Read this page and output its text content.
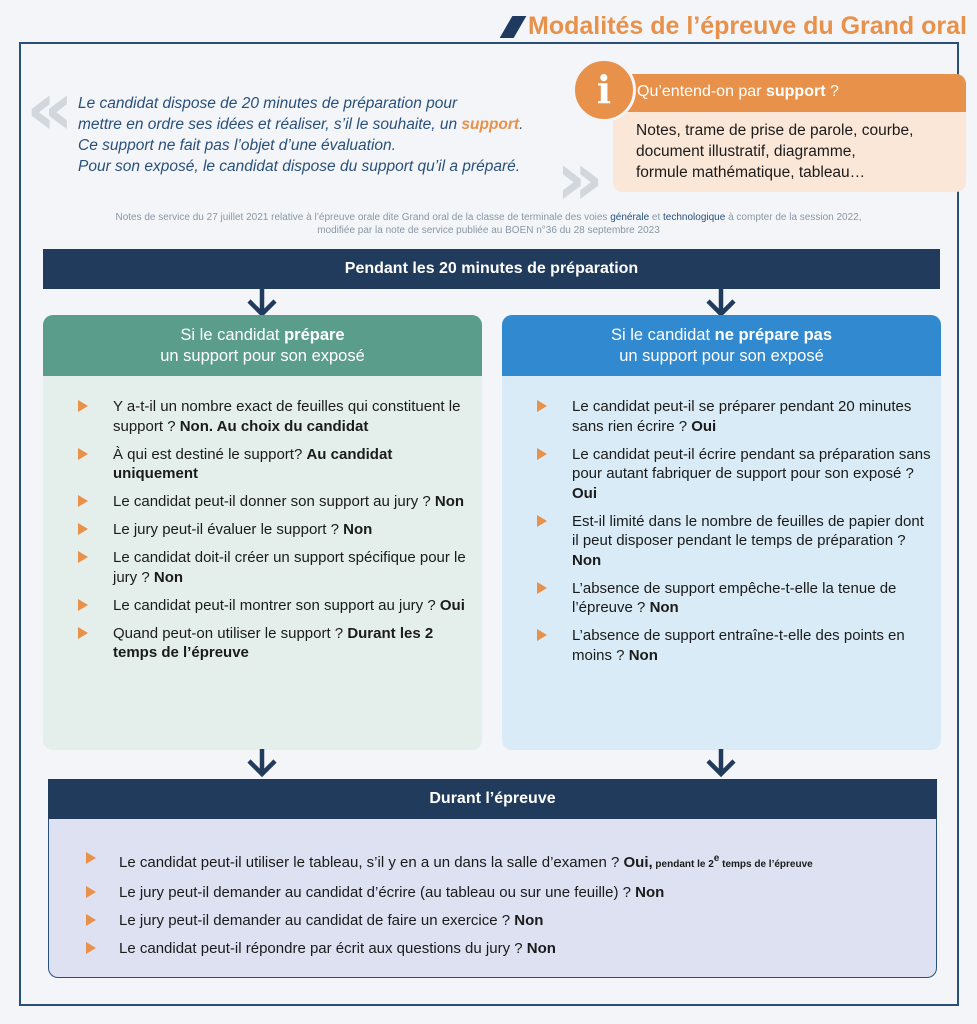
Modalités de l’épreuve du Grand oral
«
»
Le candidat dispose de 20 minutes de préparation pour
mettre en ordre ses idées et réaliser, s’il le souhaite, un support.
Ce support ne fait pas l’objet d’une évaluation.
Pour son exposé, le candidat dispose du support qu’il a préparé.
Qu’entend-on par support ?
i
Notes, trame de prise de parole, courbe,
document illustratif, diagramme,
formule mathématique, tableau…
Notes de service du 27 juillet 2021 relative à l’épreuve orale dite Grand oral de la classe de terminale des voies générale et technologique à compter de la session 2022,
modifiée par la note de service publiée au BOEN n°36 du 28 septembre 2023
Pendant les 20 minutes de préparation
Si le candidat prépare
un support pour son exposé
Y a-t-il un nombre exact de feuilles qui constituent le support ? Non. Au choix du candidat
À qui est destiné le support? Au candidat uniquement
Le candidat peut-il donner son support au jury ? Non
Le jury peut-il évaluer le support ? Non
Le candidat doit-il créer un support spécifique pour le jury ? Non
Le candidat peut-il montrer son support au jury ? Oui
Quand peut-on utiliser le support ? Durant les 2 temps de l’épreuve
Si le candidat ne prépare pas
un support pour son exposé
Le candidat peut-il se préparer pendant 20 minutes sans rien écrire ? Oui
Le candidat peut-il écrire pendant sa préparation sans pour autant fabriquer de support pour son exposé ? Oui
Est-il limité dans le nombre de feuilles de papier dont il peut disposer pendant le temps de préparation ? Non
L’absence de support empêche-t-elle la tenue de l’épreuve ? Non
L’absence de support entraîne-t-elle des points en moins ? Non
Durant l’épreuve
Le candidat peut-il utiliser le tableau, s’il y en a un dans la salle d’examen ? Oui, pendant le 2e temps de l’épreuve
Le jury peut-il demander au candidat d’écrire (au tableau ou sur une feuille) ? Non
Le jury peut-il demander au candidat de faire un exercice ? Non
Le candidat peut-il répondre par écrit aux questions du jury ? Non
